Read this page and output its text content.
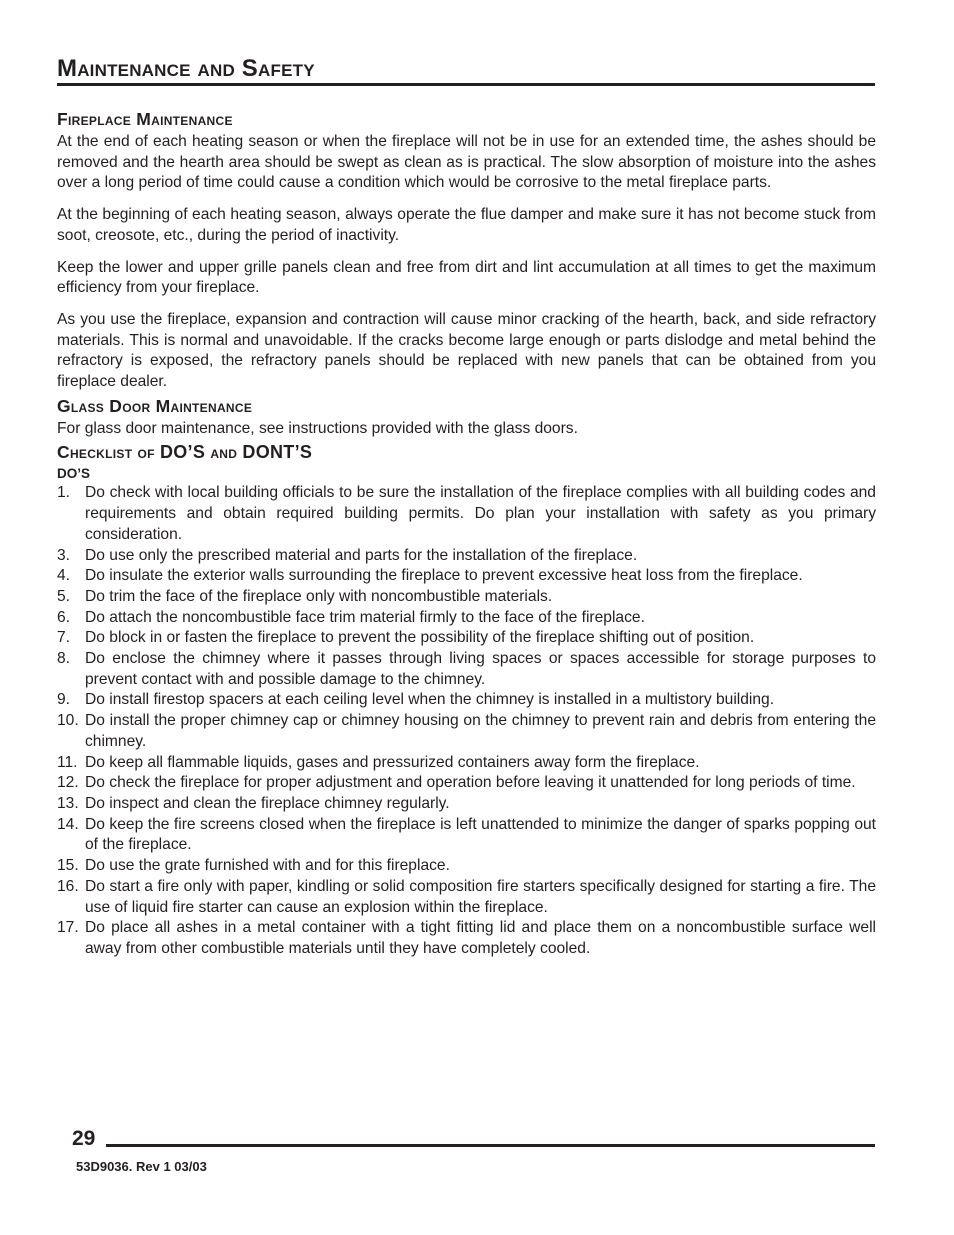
Maintenance and Safety
Fireplace Maintenance

At the end of each heating season or when the fireplace will not be in use for an extended time, the ashes should be removed and the hearth area should be swept as clean as is practical. The slow absorption of moisture into the ashes over a long period of time could cause a condition which would be corrosive to the metal fireplace parts.

At the beginning of each heating season, always operate the flue damper and make sure it has not become stuck from soot, creosote, etc., during the period of inactivity.

Keep the lower and upper grille panels clean and free from dirt and lint accumulation at all times to get the maximum efficiency from your fireplace.

As you use the fireplace, expansion and contraction will cause minor cracking of the hearth, back, and side refractory materials. This is normal and unavoidable. If the cracks become large enough or parts dislodge and metal behind the refractory is exposed, the refractory panels should be replaced with new panels that can be obtained from you fireplace dealer.

Glass Door Maintenance

For glass door maintenance, see instructions provided with the glass doors.

Checklist of DO’S and DONT’S
DO’S
1. Do check with local building officials to be sure the installation of the fireplace complies with all building codes and requirements and obtain required building permits. Do plan your installation with safety as you primary consideration.
3. Do use only the prescribed material and parts for the installation of the fireplace.
4. Do insulate the exterior walls surrounding the fireplace to prevent excessive heat loss from the fireplace.
5. Do trim the face of the fireplace only with noncombustible materials.
6. Do attach the noncombustible face trim material firmly to the face of the fireplace.
7. Do block in or fasten the fireplace to prevent the possibility of the fireplace shifting out of position.
8. Do enclose the chimney where it passes through living spaces or spaces accessible for storage purposes to prevent contact with and possible damage to the chimney.
9. Do install firestop spacers at each ceiling level when the chimney is installed in a multistory building.
10. Do install the proper chimney cap or chimney housing on the chimney to prevent rain and debris from entering the chimney.
11. Do keep all flammable liquids, gases and pressurized containers away form the fireplace.
12. Do check the fireplace for proper adjustment and operation before leaving it unattended for long periods of time.
13. Do inspect and clean the fireplace chimney regularly.
14. Do keep the fire screens closed when the fireplace is left unattended to minimize the danger of sparks popping out of the fireplace.
15. Do use the grate furnished with and for this fireplace.
16. Do start a fire only with paper, kindling or solid composition fire starters specifically designed for starting a fire. The use of liquid fire starter can cause an explosion within the fireplace.
17. Do place all ashes in a metal container with a tight fitting lid and place them on a noncombustible surface well away from other combustible materials until they have completely cooled.
29
53D9036. Rev 1 03/03
